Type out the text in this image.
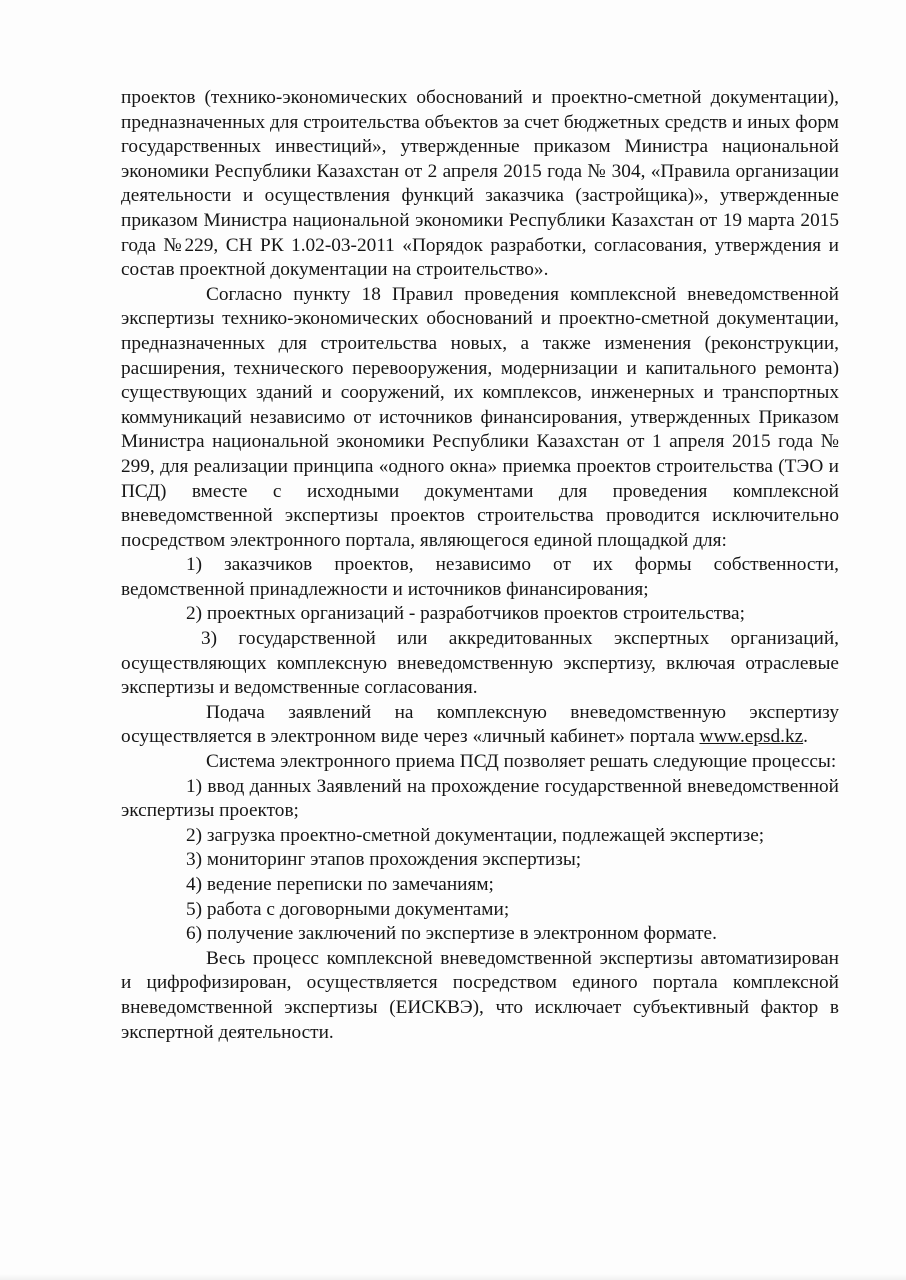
проектов (технико-экономических обоснований и проектно-сметной документации), предназначенных для строительства объектов за счет бюджетных средств и иных форм государственных инвестиций», утвержденные приказом Министра национальной экономики Республики Казахстан от 2 апреля 2015 года № 304, «Правила организации деятельности и осуществления функций заказчика (застройщика)», утвержденные приказом Министра национальной экономики Республики Казахстан от 19 марта 2015 года №229, СН РК 1.02-03-2011 «Порядок разработки, согласования, утверждения и состав проектной документации на строительство».

Согласно пункту 18 Правил проведения комплексной вневедомственной экспертизы технико-экономических обоснований и проектно-сметной документации, предназначенных для строительства новых, а также изменения (реконструкции, расширения, технического перевооружения, модернизации и капитального ремонта) существующих зданий и сооружений, их комплексов, инженерных и транспортных коммуникаций независимо от источников финансирования, утвержденных Приказом Министра национальной экономики Республики Казахстан от 1 апреля 2015 года № 299, для реализации принципа «одного окна» приемка проектов строительства (ТЭО и ПСД) вместе с исходными документами для проведения комплексной вневедомственной экспертизы проектов строительства проводится исключительно посредством электронного портала, являющегося единой площадкой для:

1) заказчиков проектов, независимо от их формы собственности, ведомственной принадлежности и источников финансирования;

2) проектных организаций - разработчиков проектов строительства;

3) государственной или аккредитованных экспертных организаций, осуществляющих комплексную вневедомственную экспертизу, включая отраслевые экспертизы и ведомственные согласования.

Подача заявлений на комплексную вневедомственную экспертизу осуществляется в электронном виде через «личный кабинет» портала www.epsd.kz.

Система электронного приема ПСД позволяет решать следующие процессы:

1) ввод данных Заявлений на прохождение государственной вневедомственной экспертизы проектов;

2) загрузка проектно-сметной документации, подлежащей экспертизе;

3) мониторинг этапов прохождения экспертизы;

4) ведение переписки по замечаниям;

5) работа с договорными документами;

6) получение заключений по экспертизе в электронном формате.

Весь процесс комплексной вневедомственной экспертизы автоматизирован и цифрофизирован, осуществляется посредством единого портала комплексной вневедомственной экспертизы (ЕИСКВЭ), что исключает субъективный фактор в экспертной деятельности.
